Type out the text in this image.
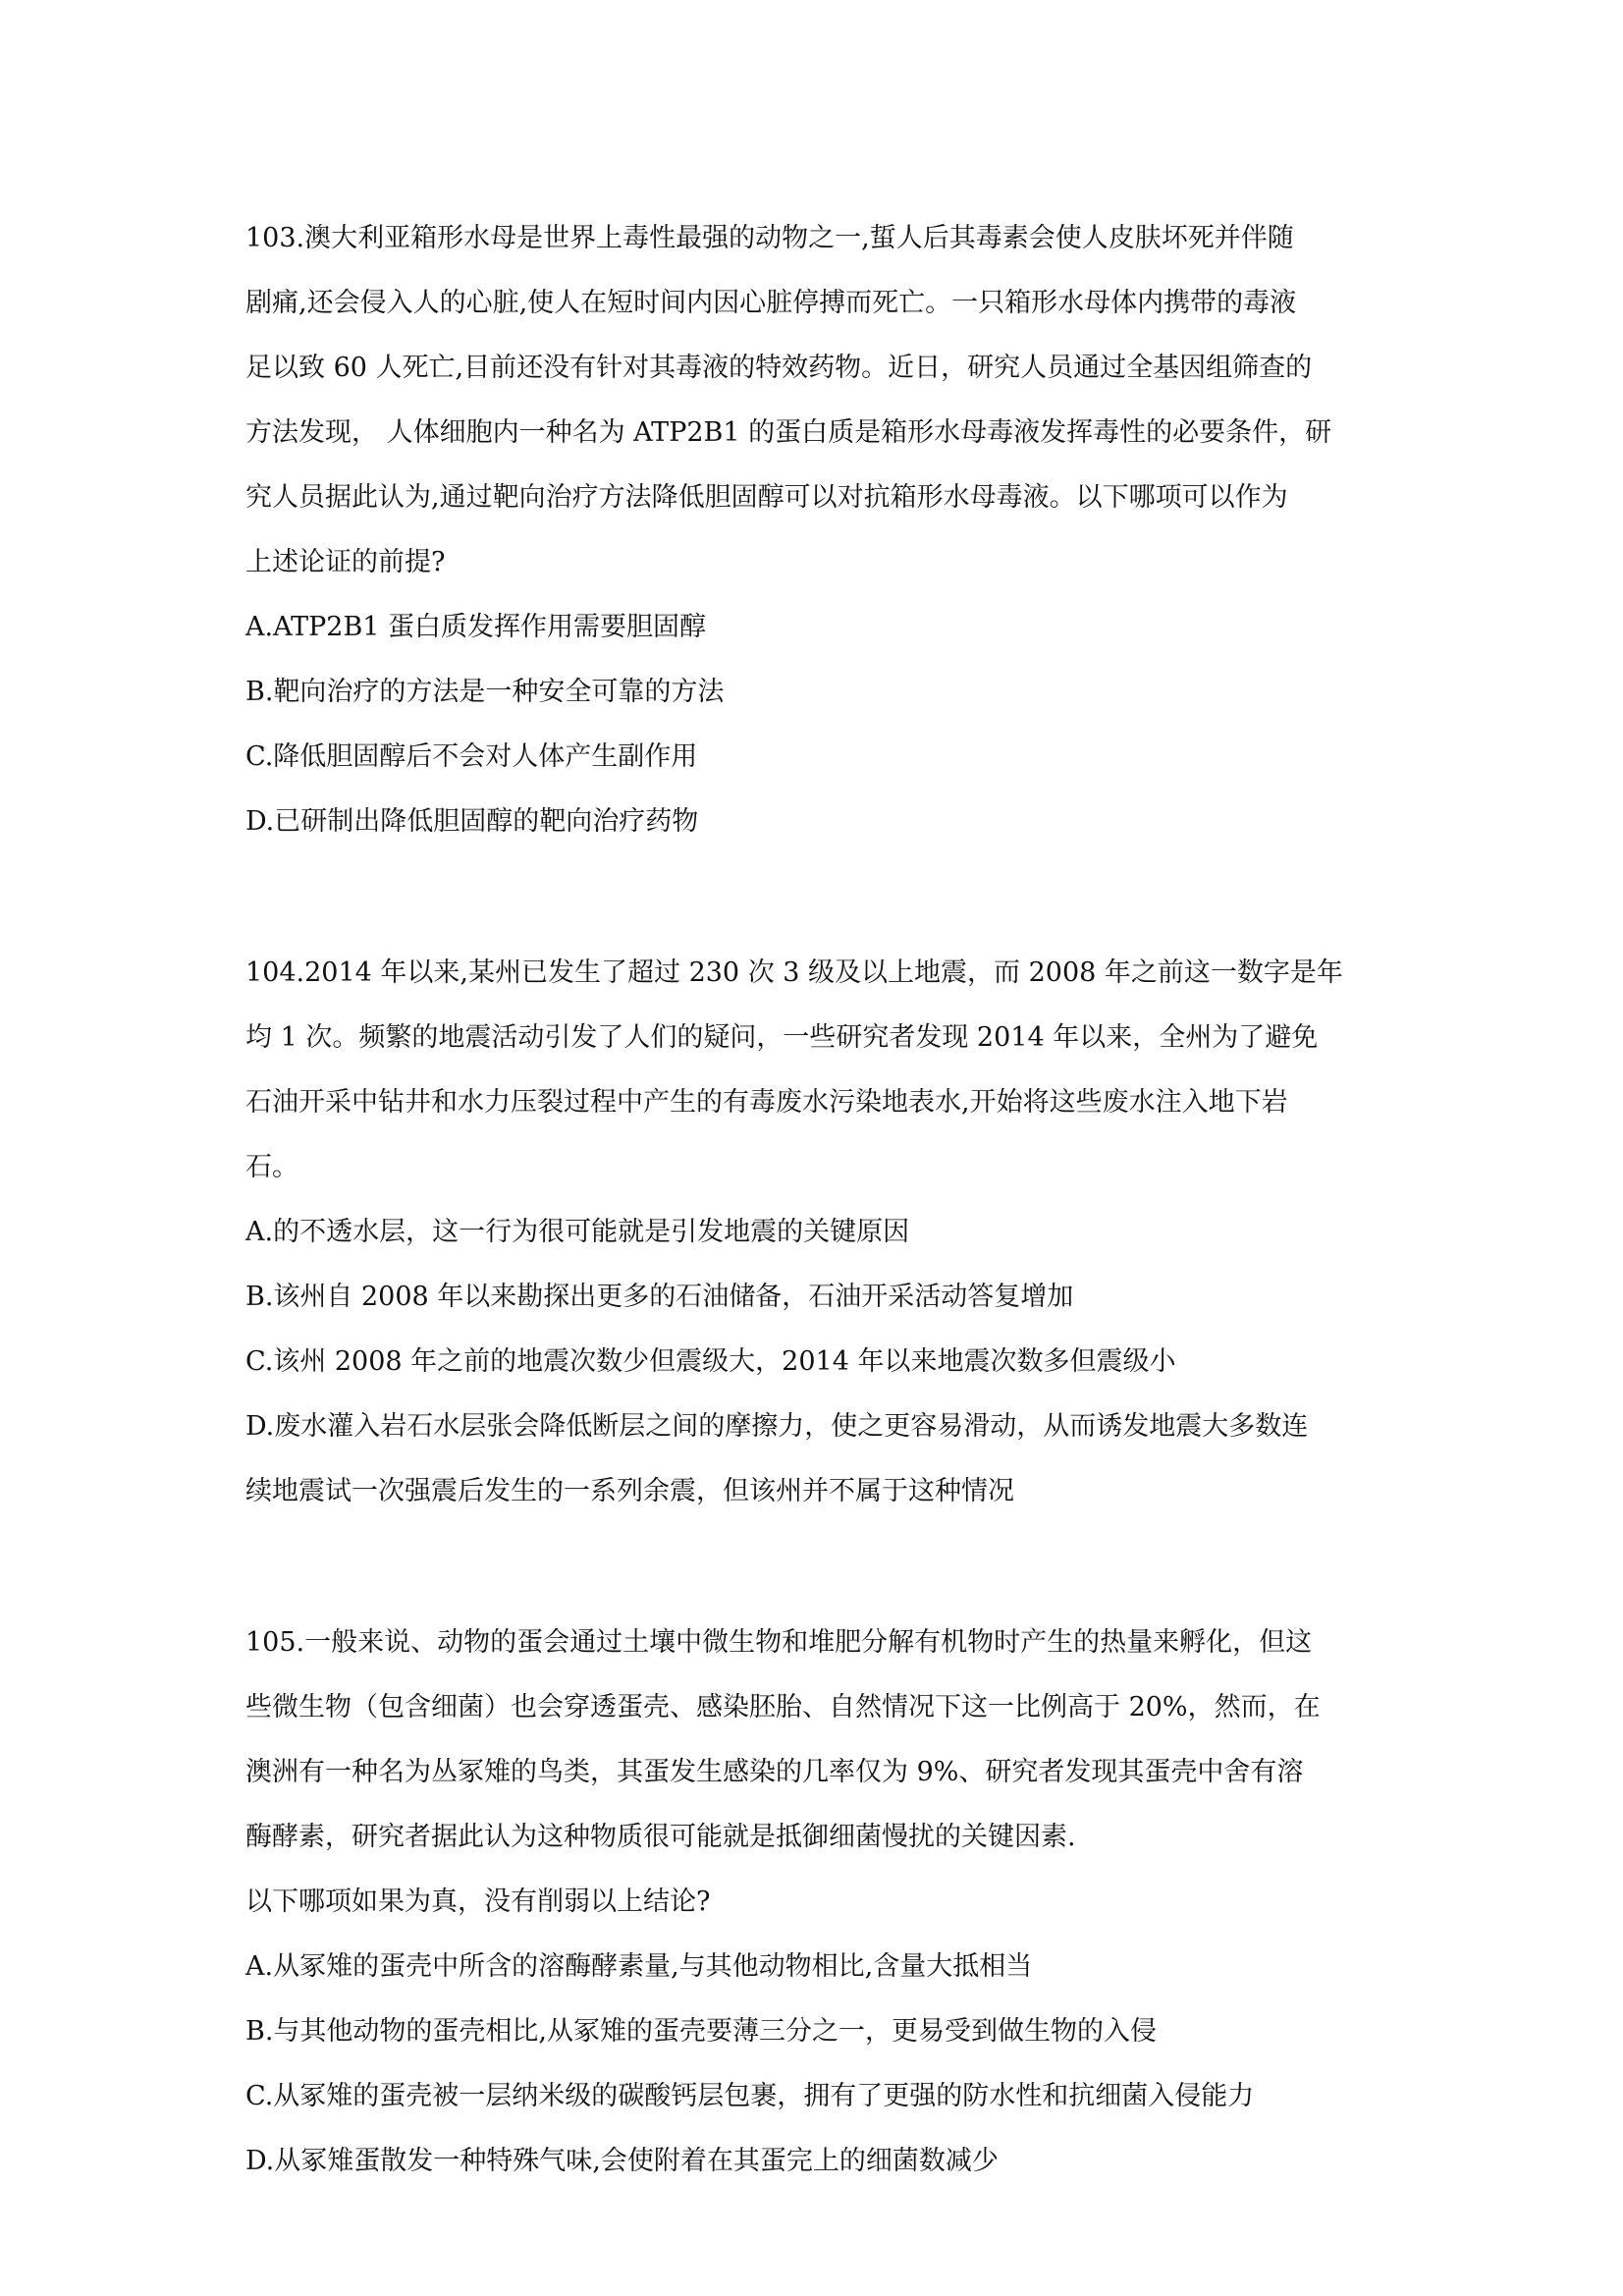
103.澳大利亚箱形水母是世界上毒性最强的动物之一,蜇人后其毒素会使人皮肤坏死并伴随

剧痛,还会侵入人的心脏,使人在短时间内因心脏停搏而死亡。一只箱形水母体内携带的毒液

足以致 60 人死亡,目前还没有针对其毒液的特效药物。近日，研究人员通过全基因组筛查的

方法发现， 人体细胞内一种名为 ATP2B1 的蛋白质是箱形水母毒液发挥毒性的必要条件，研

究人员据此认为,通过靶向治疗方法降低胆固醇可以对抗箱形水母毒液。以下哪项可以作为

上述论证的前提?

A.ATP2B1 蛋白质发挥作用需要胆固醇

B.靶向治疗的方法是一种安全可靠的方法

C.降低胆固醇后不会对人体产生副作用

D.已研制出降低胆固醇的靶向治疗药物

104.2014 年以来,某州已发生了超过 230 次 3 级及以上地震，而 2008 年之前这一数字是年

均 1 次。频繁的地震活动引发了人们的疑问，一些研究者发现 2014 年以来，全州为了避免

石油开采中钻井和水力压裂过程中产生的有毒废水污染地表水,开始将这些废水注入地下岩

石。

A.的不透水层，这一行为很可能就是引发地震的关键原因

B.该州自 2008 年以来勘探出更多的石油储备，石油开采活动答复增加

C.该州 2008 年之前的地震次数少但震级大，2014 年以来地震次数多但震级小

D.废水灌入岩石水层张会降低断层之间的摩擦力，使之更容易滑动，从而诱发地震大多数连

续地震试一次强震后发生的一系列余震，但该州并不属于这种情况

105.一般来说、动物的蛋会通过土壤中微生物和堆肥分解有机物时产生的热量来孵化，但这

些微生物（包含细菌）也会穿透蛋壳、感染胚胎、自然情况下这一比例高于 20%，然而，在

澳洲有一种名为丛冢雉的鸟类，其蛋发生感染的几率仅为 9%、研究者发现其蛋壳中舍有溶

酶酵素，研究者据此认为这种物质很可能就是抵御细菌慢扰的关键因素.

以下哪项如果为真，没有削弱以上结论?

A.从冢雉的蛋壳中所含的溶酶酵素量,与其他动物相比,含量大抵相当

B.与其他动物的蛋壳相比,从冢雉的蛋壳要薄三分之一，更易受到做生物的入侵

C.从冢雉的蛋壳被一层纳米级的碳酸钙层包裹，拥有了更强的防水性和抗细菌入侵能力

D.从冢雉蛋散发一种特殊气味,会使附着在其蛋完上的细菌数减少
